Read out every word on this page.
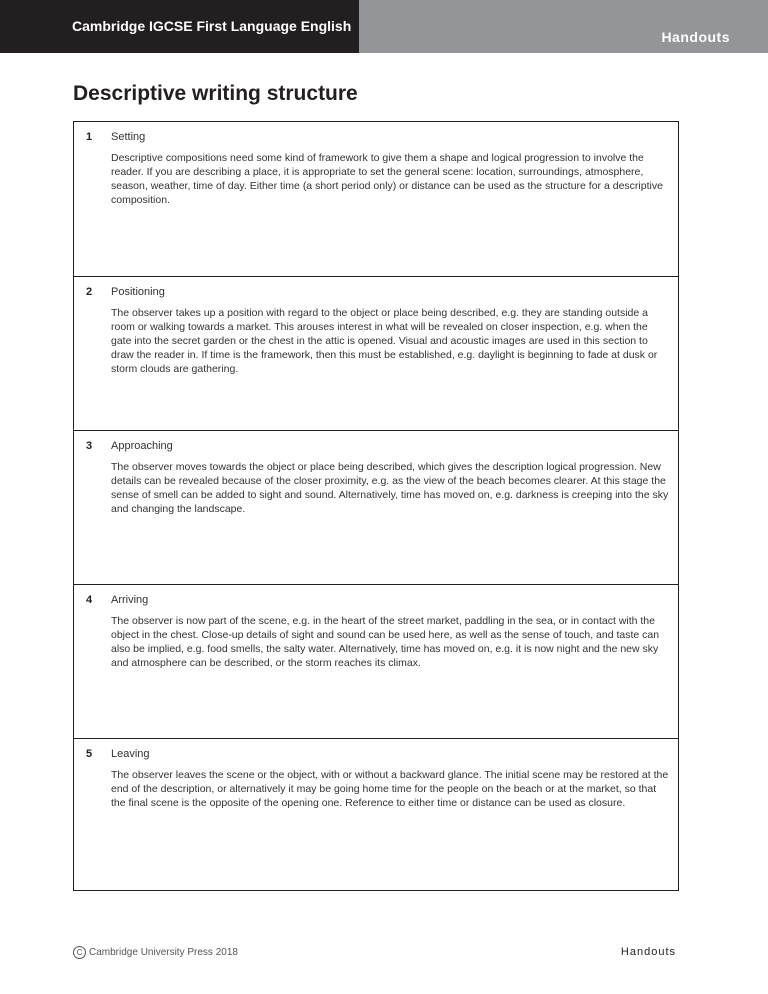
Cambridge IGCSE First Language English
Handouts
Descriptive writing structure
1 Setting

Descriptive compositions need some kind of framework to give them a shape and logical progression to involve the reader. If you are describing a place, it is appropriate to set the general scene: location, surroundings, atmosphere, season, weather, time of day. Either time (a short period only) or distance can be used as the structure for a descriptive composition.

2 Positioning

The observer takes up a position with regard to the object or place being described, e.g. they are standing outside a room or walking towards a market. This arouses interest in what will be revealed on closer inspection, e.g. when the gate into the secret garden or the chest in the attic is opened. Visual and acoustic images are used in this section to draw the reader in. If time is the framework, then this must be established, e.g. daylight is beginning to fade at dusk or storm clouds are gathering.

3 Approaching

The observer moves towards the object or place being described, which gives the description logical progression. New details can be revealed because of the closer proximity, e.g. as the view of the beach becomes clearer. At this stage the sense of smell can be added to sight and sound. Alternatively, time has moved on, e.g. darkness is creeping into the sky and changing the landscape.

4 Arriving

The observer is now part of the scene, e.g. in the heart of the street market, paddling in the sea, or in contact with the object in the chest. Close-up details of sight and sound can be used here, as well as the sense of touch, and taste can also be implied, e.g. food smells, the salty water. Alternatively, time has moved on, e.g. it is now night and the new sky and atmosphere can be described, or the storm reaches its climax.

5 Leaving

The observer leaves the scene or the object, with or without a backward glance. The initial scene may be restored at the end of the description, or alternatively it may be going home time for the people on the beach or at the market, so that the final scene is the opposite of the opening one. Reference to either time or distance can be used as closure.

C Cambridge University Press 2018	Handouts
